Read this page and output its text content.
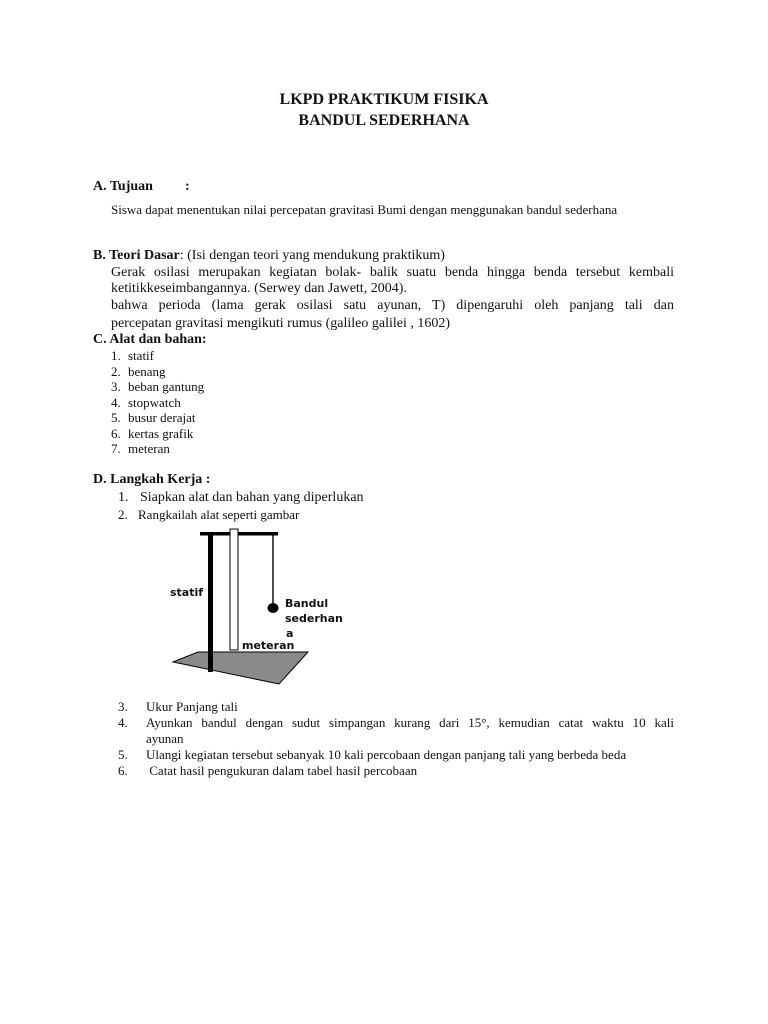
LKPD PRAKTIKUM FISIKA
BANDUL SEDERHANA
A. Tujuan :
Siswa dapat menentukan nilai percepatan gravitasi Bumi dengan menggunakan bandul sederhana
B. Teori Dasar: (Isi dengan teori yang mendukung praktikum)
Gerak osilasi merupakan kegiatan bolak- balik suatu benda hingga benda tersebut kembali
ketitikkeseimbangannya. (Serwey dan Jawett, 2004).
bahwa perioda (lama gerak osilasi satu ayunan, T) dipengaruhi oleh panjang tali dan
percepatan gravitasi mengikuti rumus (galileo galilei , 1602)
C. Alat dan bahan:
1. statif
2. benang
3. beban gantung
4. stopwatch
5. busur derajat
6. kertas grafik
7. meteran
D. Langkah Kerja :
1. Siapkan alat dan bahan yang diperlukan
2. Rangkailah alat seperti gambar
statif
Bandul
sederhan
a
meteran
3. Ukur Panjang tali
4.	Ayunkan bandul dengan sudut simpangan kurang dari 15°, kemudian catat waktu 10 kali
ayunan
5. Ulangi kegiatan tersebut sebanyak 10 kali percobaan dengan panjang tali yang berbeda beda
6. Catat hasil pengukuran dalam tabel hasil percobaan
